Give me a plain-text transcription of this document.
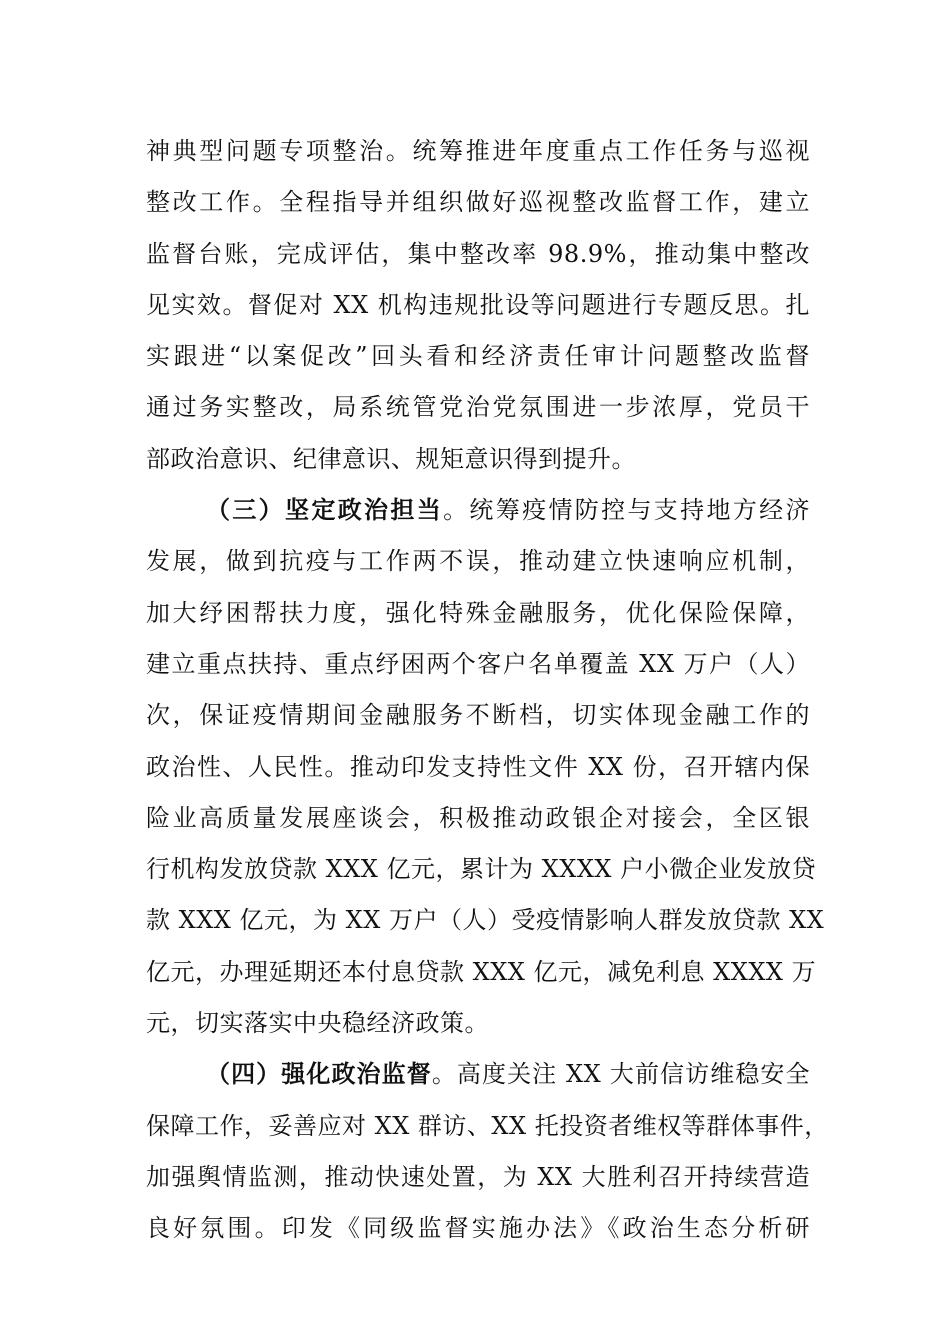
神典型问题专项整治。统筹推进年度重点工作任务与巡视
整改工作。全程指导并组织做好巡视整改监督工作，建立
监督台账，完成评估，集中整改率 98.9%，推动集中整改
见实效。督促对 XX 机构违规批设等问题进行专题反思。扎
实跟进“以案促改”回头看和经济责任审计问题整改监督
通过务实整改，局系统管党治党氛围进一步浓厚，党员干
部政治意识、纪律意识、规矩意识得到提升。
（三）坚定政治担当。统筹疫情防控与支持地方经济
发展，做到抗疫与工作两不误，推动建立快速响应机制，
加大纾困帮扶力度，强化特殊金融服务，优化保险保障，
建立重点扶持、重点纾困两个客户名单覆盖 XX 万户（人）
次，保证疫情期间金融服务不断档，切实体现金融工作的
政治性、人民性。推动印发支持性文件 XX 份，召开辖内保
险业高质量发展座谈会，积极推动政银企对接会，全区银
行机构发放贷款 XXX 亿元，累计为 XXXX 户小微企业发放贷
款 XXX 亿元，为 XX 万户（人）受疫情影响人群发放贷款 XX
亿元，办理延期还本付息贷款 XXX 亿元，减免利息 XXXX 万
元，切实落实中央稳经济政策。
（四）强化政治监督。高度关注 XX 大前信访维稳安全
保障工作，妥善应对 XX 群访、XX 托投资者维权等群体事件，
加强舆情监测，推动快速处置，为 XX 大胜利召开持续营造
良好氛围。印发《同级监督实施办法》《政治生态分析研
